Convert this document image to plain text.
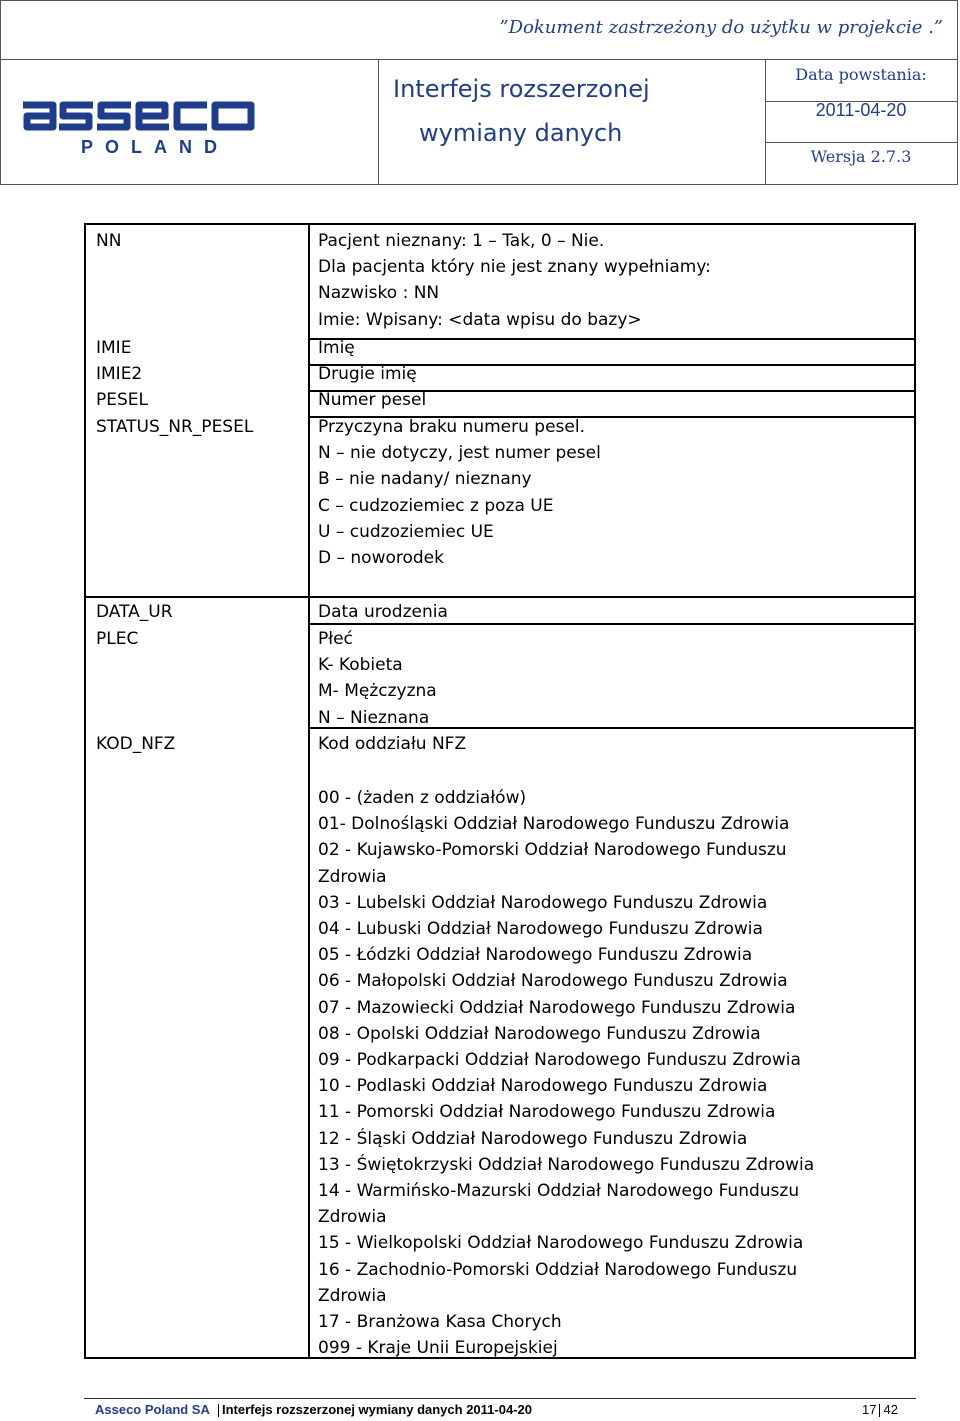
”Dokument zastrzeżony do użytku w projekcie .”
POLAND
Interfejs rozszerzonej
wymiany danych
Data powstania:
2011-04-20
Wersja 2.7.3
NN
IMIE
IMIE2
PESEL
STATUS_NR_PESEL
DATA_UR
PLEC
KOD_NFZ
Pacjent nieznany: 1 – Tak, 0 – Nie.
Dla pacjenta który nie jest znany wypełniamy:
Nazwisko : NN
Imie: Wpisany: <data wpisu do bazy>
Imię
Drugie imię
Numer pesel
Przyczyna braku numeru pesel.
N – nie dotyczy, jest numer pesel
B – nie nadany/ nieznany
C – cudzoziemiec z poza UE
U – cudzoziemiec UE
D – noworodek
Data urodzenia
Płeć
K- Kobieta
M- Mężczyzna
N – Nieznana
Kod oddziału NFZ
00 - (żaden z oddziałów)
01- Dolnośląski Oddział Narodowego Funduszu Zdrowia
02 - Kujawsko-Pomorski Oddział Narodowego Funduszu
Zdrowia
03 - Lubelski Oddział Narodowego Funduszu Zdrowia
04 - Lubuski Oddział Narodowego Funduszu Zdrowia
05 - Łódzki Oddział Narodowego Funduszu Zdrowia
06 - Małopolski Oddział Narodowego Funduszu Zdrowia
07 - Mazowiecki Oddział Narodowego Funduszu Zdrowia
08 - Opolski Oddział Narodowego Funduszu Zdrowia
09 - Podkarpacki Oddział Narodowego Funduszu Zdrowia
10 - Podlaski Oddział Narodowego Funduszu Zdrowia
11 - Pomorski Oddział Narodowego Funduszu Zdrowia
12 - Śląski Oddział Narodowego Funduszu Zdrowia
13 - Świętokrzyski Oddział Narodowego Funduszu Zdrowia
14 - Warmińsko-Mazurski Oddział Narodowego Funduszu
Zdrowia
15 - Wielkopolski Oddział Narodowego Funduszu Zdrowia
16 - Zachodnio-Pomorski Oddział Narodowego Funduszu
Zdrowia
17 - Branżowa Kasa Chorych
099 - Kraje Unii Europejskiej
Asseco Poland SA Interfejs rozszerzonej wymiany danych 2011-04-20	17 42
